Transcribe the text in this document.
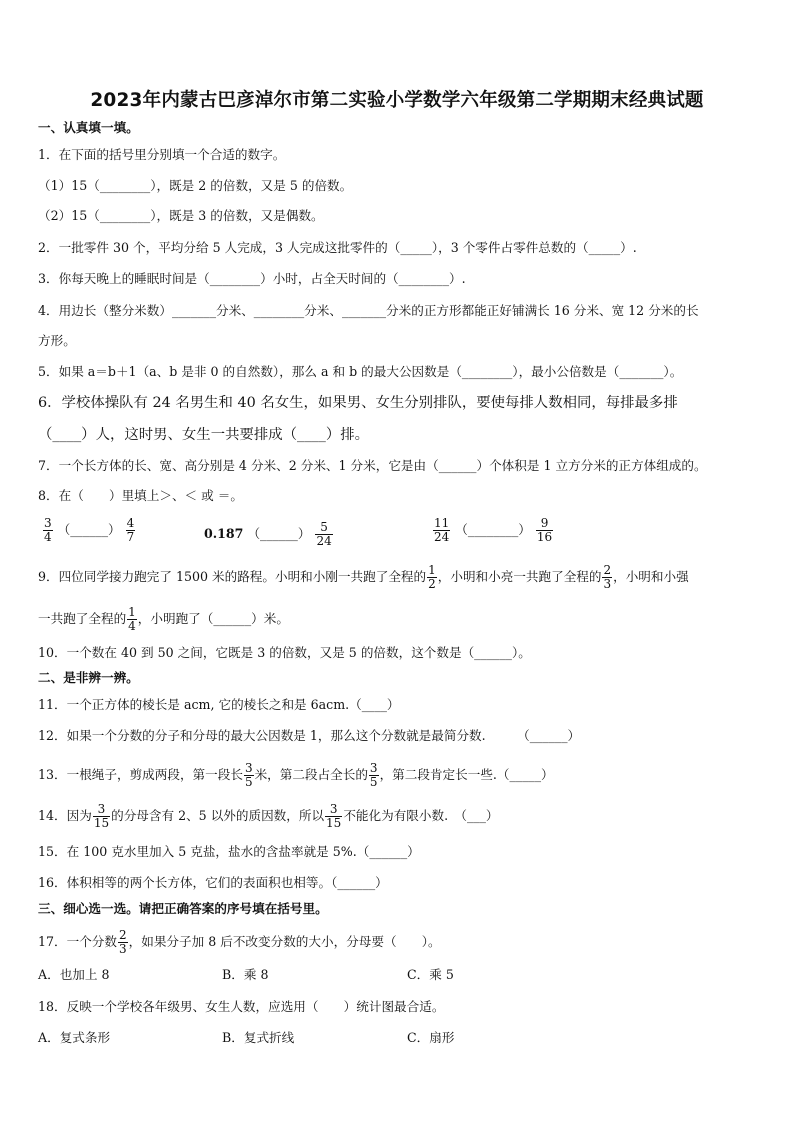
2023年内蒙古巴彦淖尔市第二实验小学数学六年级第二学期期末经典试题
一、认真填一填。
1．在下面的括号里分别填一个合适的数字。
（1）15（________），既是 2 的倍数，又是 5 的倍数。
（2）15（________），既是 3 的倍数，又是偶数。
2．一批零件 30 个，平均分给 5 人完成，3 人完成这批零件的（_____），3 个零件占零件总数的（_____）.
3．你每天晚上的睡眠时间是（________）小时，占全天时间的（________）.
4．用边长（整分米数）_______分米、________分米、_______分米的正方形都能正好铺满长 16 分米、宽 12 分米的长
方形。
5．如果 a＝b＋1（a、b 是非 0 的自然数），那么 a 和 b 的最大公因数是（________），最小公倍数是（_______）。
6．学校体操队有 24 名男生和 40 名女生，如果男、女生分别排队，要使每排人数相同，每排最多排
（____）人，这时男、女生一共要排成（____）排。
7．一个长方体的长、宽、高分别是 4 分米、2 分米、1 分米，它是由（______）个体积是 1 立方分米的正方体组成的。
8．在（　　）里填上＞、＜ 或 ＝。
$\frac{3}{4}$ （______） $\frac{4}{7}$	0.187 （______） $\frac{5}{24}$	$\frac{11}{24}$ （________） $\frac{9}{16}$
9．四位同学接力跑完了 1500 米的路程。小明和小刚一共跑了全程的 $\frac{1}{2}$ ，小明和小亮一共跑了全程的 $\frac{2}{3}$ ，小明和小强
一共跑了全程的 $\frac{1}{4}$ ，小明跑了（______）米。
10．一个数在 40 到 50 之间，它既是 3 的倍数，又是 5 的倍数，这个数是（______）。
二、是非辨一辨。
11．一个正方体的棱长是 acm, 它的棱长之和是 6acm.（____）
12．如果一个分数的分子和分母的最大公因数是 1，那么这个分数就是最简分数.　　　（______）
13．一根绳子，剪成两段，第一段长 $\frac{3}{5}$ 米，第二段占全长的 $\frac{3}{5}$ ，第二段肯定长一些.（_____）
14．因为 $\frac{3}{15}$ 的分母含有 2、5 以外的质因数，所以 $\frac{3}{15}$ 不能化为有限小数.　（___）
15．在 100 克水里加入 5 克盐，盐水的含盐率就是 5%.（______）
16．体积相等的两个长方体，它们的表面积也相等。（______）
三、细心选一选。请把正确答案的序号填在括号里。
17．一个分数 $\frac{2}{3}$ ，如果分子加 8 后不改变分数的大小，分母要（　　）。
A．也加上 8	B．乘 8	C．乘 5
18．反映一个学校各年级男、女生人数，应选用（　　）统计图最合适。
A．复式条形	B．复式折线	C．扇形
